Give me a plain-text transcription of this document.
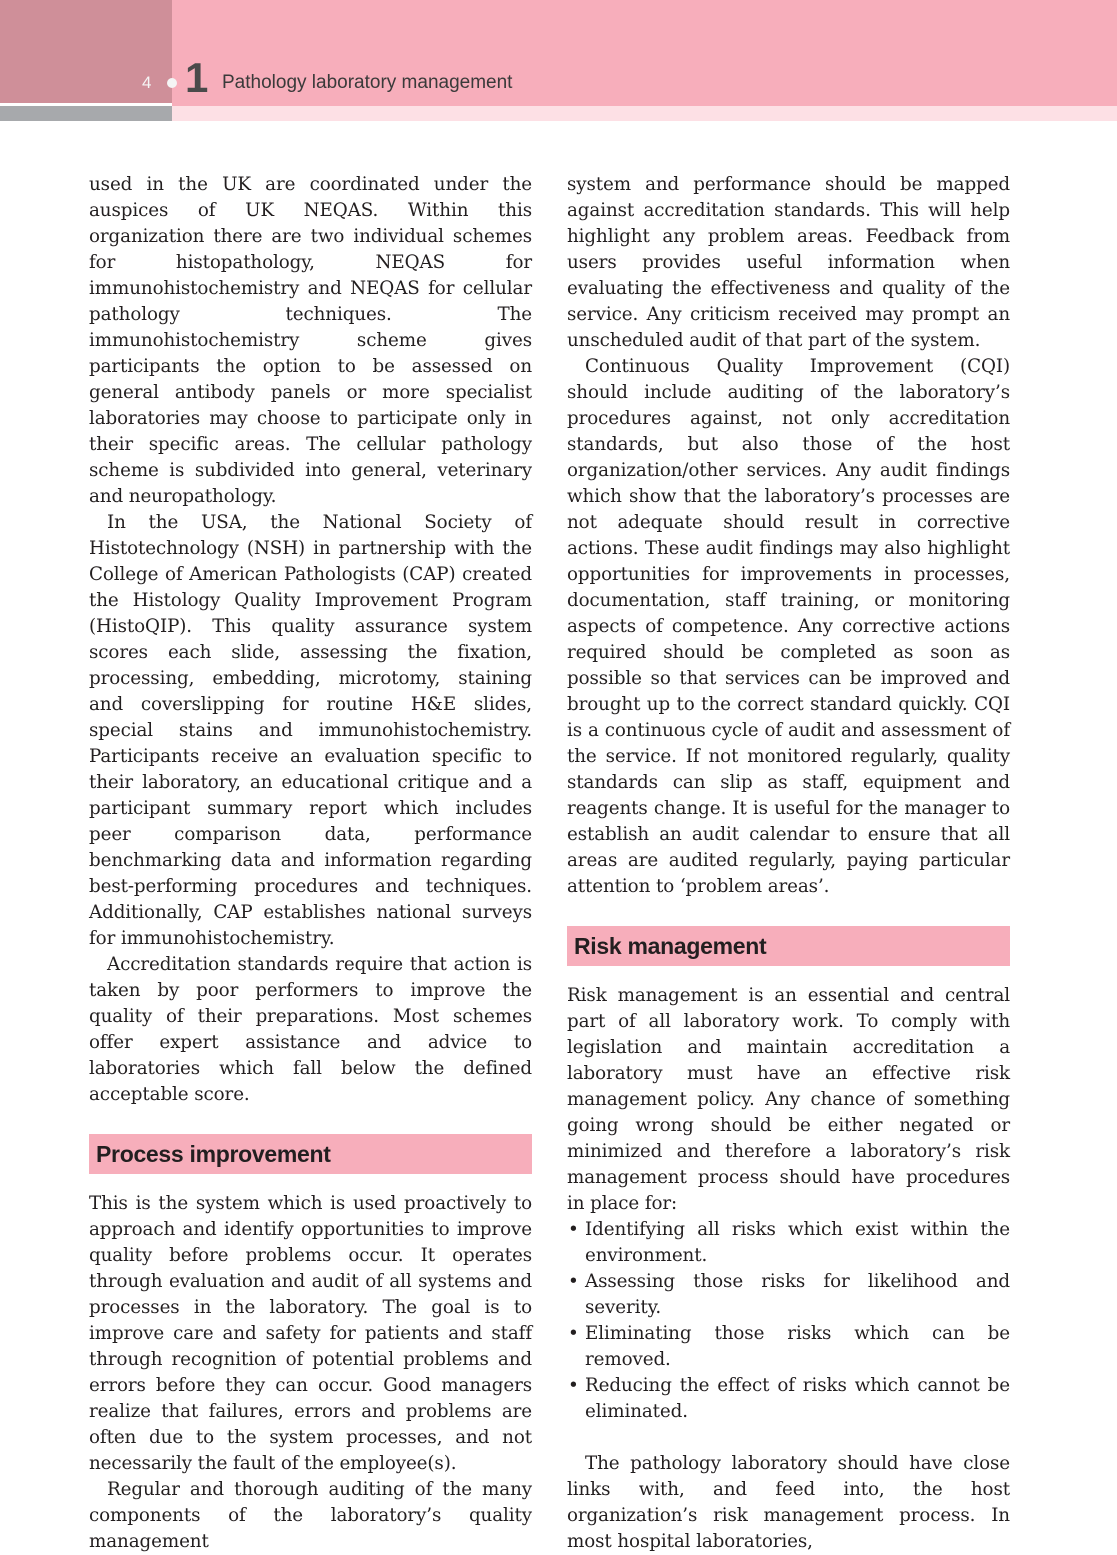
4 1 Pathology laboratory management

used in the UK are coordinated under the auspices of UK NEQAS. Within this organization there are two individual schemes for histopathology, NEQAS for immunohistochemistry and NEQAS for cellular pathology techniques. The immunohistochemistry scheme gives participants the option to be assessed on general antibody panels or more specialist laboratories may choose to participate only in their specific areas. The cellular pathology scheme is subdivided into general, veterinary and neuropathology.

In the USA, the National Society of Histotechnology (NSH) in partnership with the College of American Pathologists (CAP) created the Histology Quality Improvement Program (HistoQIP). This quality assurance system scores each slide, assessing the fixation, processing, embedding, microtomy, staining and coverslipping for routine H&E slides, special stains and immunohistochemistry. Participants receive an evaluation specific to their laboratory, an educational critique and a participant summary report which includes peer comparison data, performance benchmarking data and information regarding best-performing procedures and techniques. Additionally, CAP establishes national surveys for immunohistochemistry.

Accreditation standards require that action is taken by poor performers to improve the quality of their preparations. Most schemes offer expert assistance and advice to laboratories which fall below the defined acceptable score.

Process improvement

This is the system which is used proactively to approach and identify opportunities to improve quality before problems occur. It operates through evaluation and audit of all systems and processes in the laboratory. The goal is to improve care and safety for patients and staff through recognition of potential problems and errors before they can occur. Good managers realize that failures, errors and problems are often due to the system processes, and not necessarily the fault of the employee(s).

Regular and thorough auditing of the many components of the laboratory’s quality management

system and performance should be mapped against accreditation standards. This will help highlight any problem areas. Feedback from users provides useful information when evaluating the effectiveness and quality of the service. Any criticism received may prompt an unscheduled audit of that part of the system.

Continuous Quality Improvement (CQI) should include auditing of the laboratory’s procedures against, not only accreditation standards, but also those of the host organization/other services. Any audit findings which show that the laboratory’s processes are not adequate should result in corrective actions. These audit findings may also highlight opportunities for improvements in processes, documentation, staff training, or monitoring aspects of competence. Any corrective actions required should be completed as soon as possible so that services can be improved and brought up to the correct standard quickly. CQI is a continuous cycle of audit and assessment of the service. If not monitored regularly, quality standards can slip as staff, equipment and reagents change. It is useful for the manager to establish an audit calendar to ensure that all areas are audited regularly, paying particular attention to ‘problem areas’.

Risk management

Risk management is an essential and central part of all laboratory work. To comply with legislation and maintain accreditation a laboratory must have an effective risk management policy. Any chance of something going wrong should be either negated or minimized and therefore a laboratory’s risk management process should have procedures in place for:

• Identifying all risks which exist within the environment.
• Assessing those risks for likelihood and severity.
• Eliminating those risks which can be removed.
• Reducing the effect of risks which cannot be eliminated.

The pathology laboratory should have close links with, and feed into, the host organization’s risk management process. In most hospital laboratories,
